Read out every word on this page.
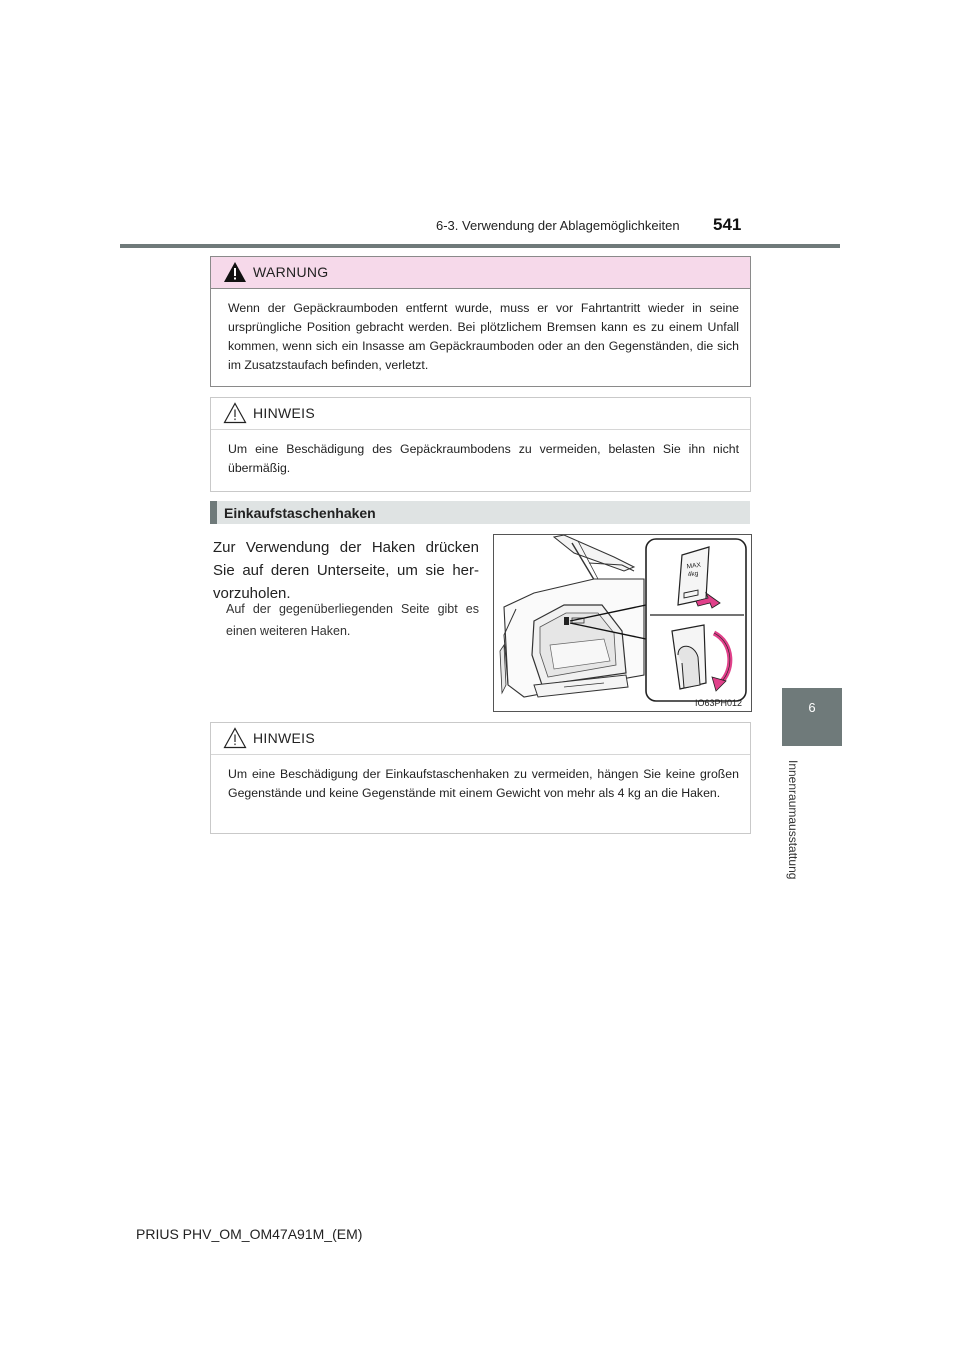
6-3. Verwendung der Ablagemöglichkeiten 541
6
Innenraumausstattung
WARNUNG
Wenn der Gepäckraumboden entfernt wurde, muss er vor Fahrtantritt wieder in seine ursprüngliche Position gebracht werden. Bei plötzlichem Bremsen kann es zu einem Unfall kommen, wenn sich ein Insasse am Gepäckraumboden oder an den Gegenständen, die sich im Zusatzstaufach befinden, verletzt.
HINWEIS
Um eine Beschädigung des Gepäckraumbodens zu vermeiden, belasten Sie ihn nicht übermäßig.
Einkaufstaschenhaken
Zur Verwendung der Haken drücken Sie auf deren Unterseite, um sie her- vorzuholen.
Auf der gegenüberliegenden Seite gibt es einen weiteren Haken.
MAX
4kg
IO63PH012
HINWEIS
Um eine Beschädigung der Einkaufstaschenhaken zu vermeiden, hängen Sie keine großen Gegenstände und keine Gegenstände mit einem Gewicht von mehr als 4 kg an die Haken.
PRIUS PHV_OM_OM47A91M_(EM)
